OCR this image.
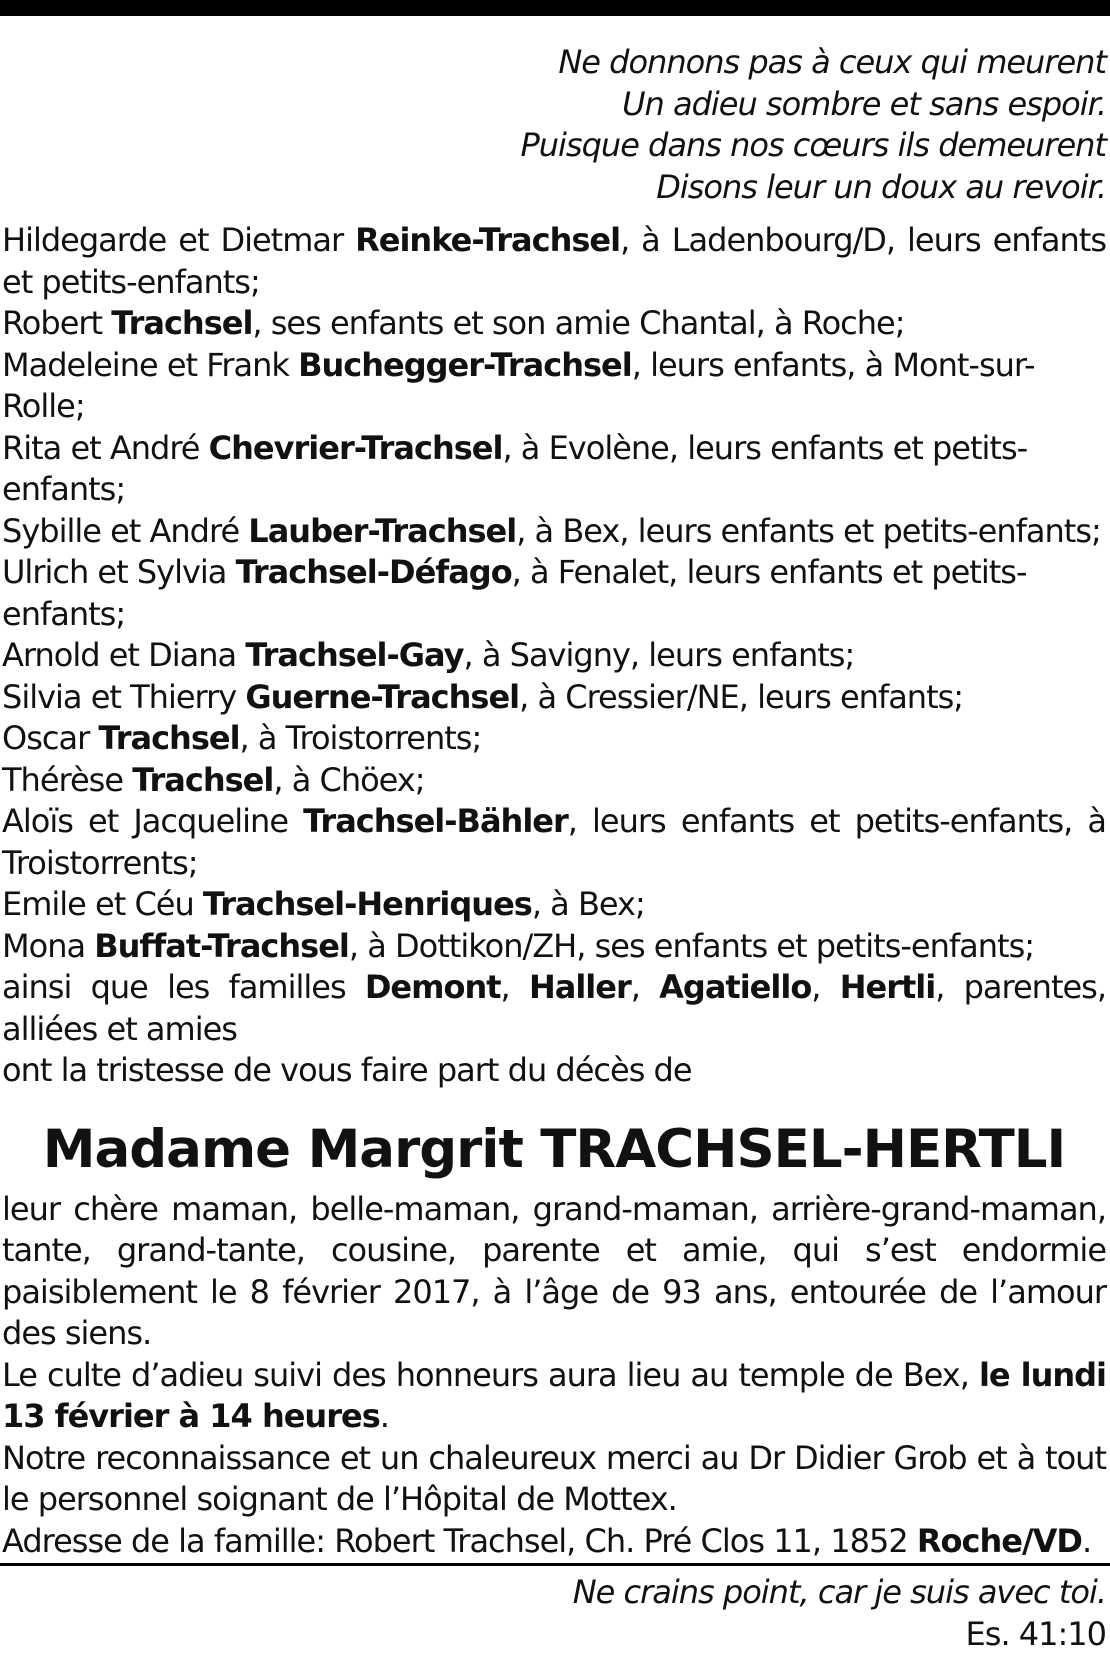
Ne donnons pas à ceux qui meurent
Un adieu sombre et sans espoir.
Puisque dans nos cœurs ils demeurent
Disons leur un doux au revoir.
Hildegarde et Dietmar Reinke-Trachsel, à Ladenbourg/D, leurs enfants et petits-enfants;
Robert Trachsel, ses enfants et son amie Chantal, à Roche;
Madeleine et Frank Buchegger-Trachsel, leurs enfants, à Mont-sur-Rolle;
Rita et André Chevrier-Trachsel, à Evolène, leurs enfants et petits-enfants;
Sybille et André Lauber-Trachsel, à Bex, leurs enfants et petits-enfants;
Ulrich et Sylvia Trachsel-Défago, à Fenalet, leurs enfants et petits-enfants;
Arnold et Diana Trachsel-Gay, à Savigny, leurs enfants;
Silvia et Thierry Guerne-Trachsel, à Cressier/NE, leurs enfants;
Oscar Trachsel, à Troistorrents;
Thérèse Trachsel, à Chöex;
Aloïs et Jacqueline Trachsel-Bähler, leurs enfants et petits-enfants, à Troistorrents;
Emile et Céu Trachsel-Henriques, à Bex;
Mona Buffat-Trachsel, à Dottikon/ZH, ses enfants et petits-enfants;
ainsi que les familles Demont, Haller, Agatiello, Hertli, parentes, alliées et amies
ont la tristesse de vous faire part du décès de
Madame Margrit TRACHSEL-HERTLI
leur chère maman, belle-maman, grand-maman, arrière-grand-maman, tante, grand-tante, cousine, parente et amie, qui s’est endormie paisiblement le 8 février 2017, à l’âge de 93 ans, entourée de l’amour des siens.
Le culte d’adieu suivi des honneurs aura lieu au temple de Bex, le lundi 13 février à 14 heures.
Notre reconnaissance et un chaleureux merci au Dr Didier Grob et à tout le personnel soignant de l’Hôpital de Mottex.
Adresse de la famille: Robert Trachsel, Ch. Pré Clos 11, 1852 Roche/VD.
Ne crains point, car je suis avec toi.
Es. 41:10
